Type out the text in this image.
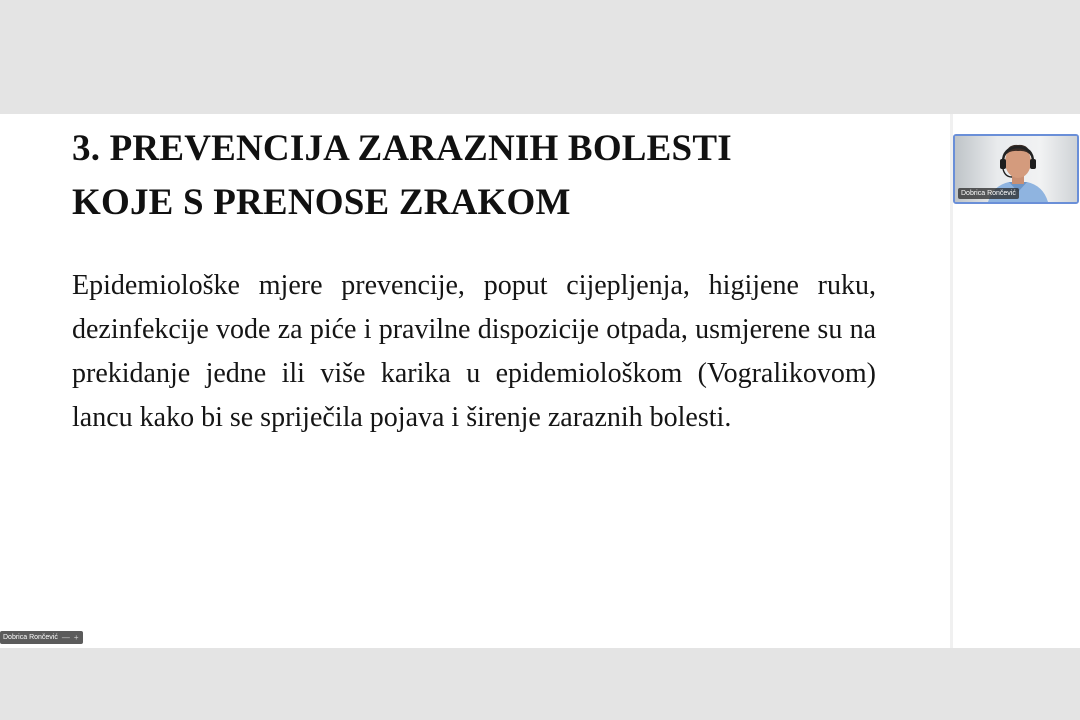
3. PREVENCIJA ZARAZNIH BOLESTI
KOJE S PRENOSE ZRAKOM

Epidemiološke mjere prevencije, poput cijepljenja, higijene ruku, dezinfekcije vode za piće i pravilne dispozicije otpada, usmjerene su na prekidanje jedne ili više karika u epidemiološkom (Vogralikovom) lancu kako bi se spriječila pojava i širenje zaraznih bolesti.

Dobrica Rončević
Dobrica Rončević — +
